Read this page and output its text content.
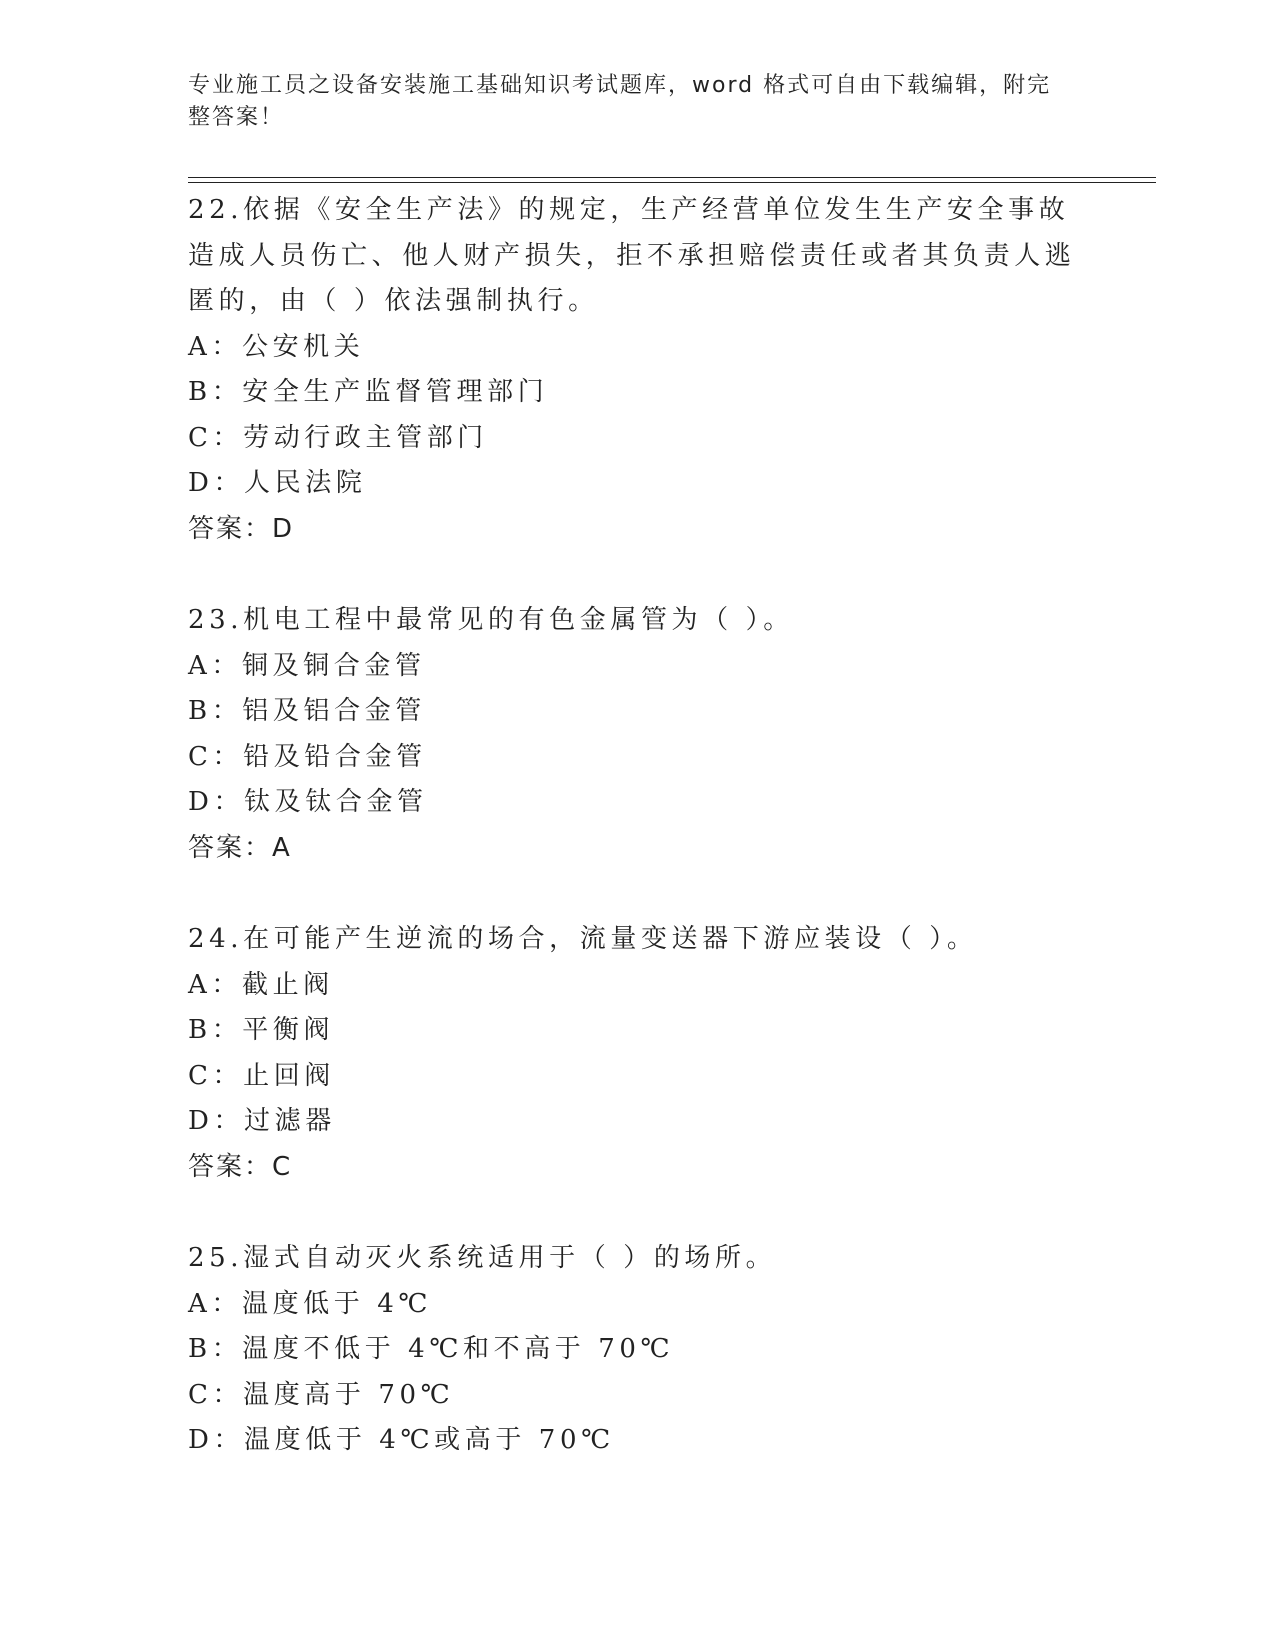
专业施工员之设备安装施工基础知识考试题库，word 格式可自由下载编辑，附完整答案！
22.依据《安全生产法》的规定，生产经营单位发生生产安全事故造成人员伤亡、他人财产损失，拒不承担赔偿责任或者其负责人逃匿的，由（ ）依法强制执行。
A：公安机关
B：安全生产监督管理部门
C：劳动行政主管部门
D：人民法院
答案：D
23.机电工程中最常见的有色金属管为（ ）。
A：铜及铜合金管
B：铝及铝合金管
C：铅及铅合金管
D：钛及钛合金管
答案：A
24.在可能产生逆流的场合，流量变送器下游应装设（ ）。
A：截止阀
B：平衡阀
C：止回阀
D：过滤器
答案：C
25.湿式自动灭火系统适用于（ ）的场所。
A：温度低于 4℃
B：温度不低于 4℃和不高于 70℃
C：温度高于 70℃
D：温度低于 4℃或高于 70℃
